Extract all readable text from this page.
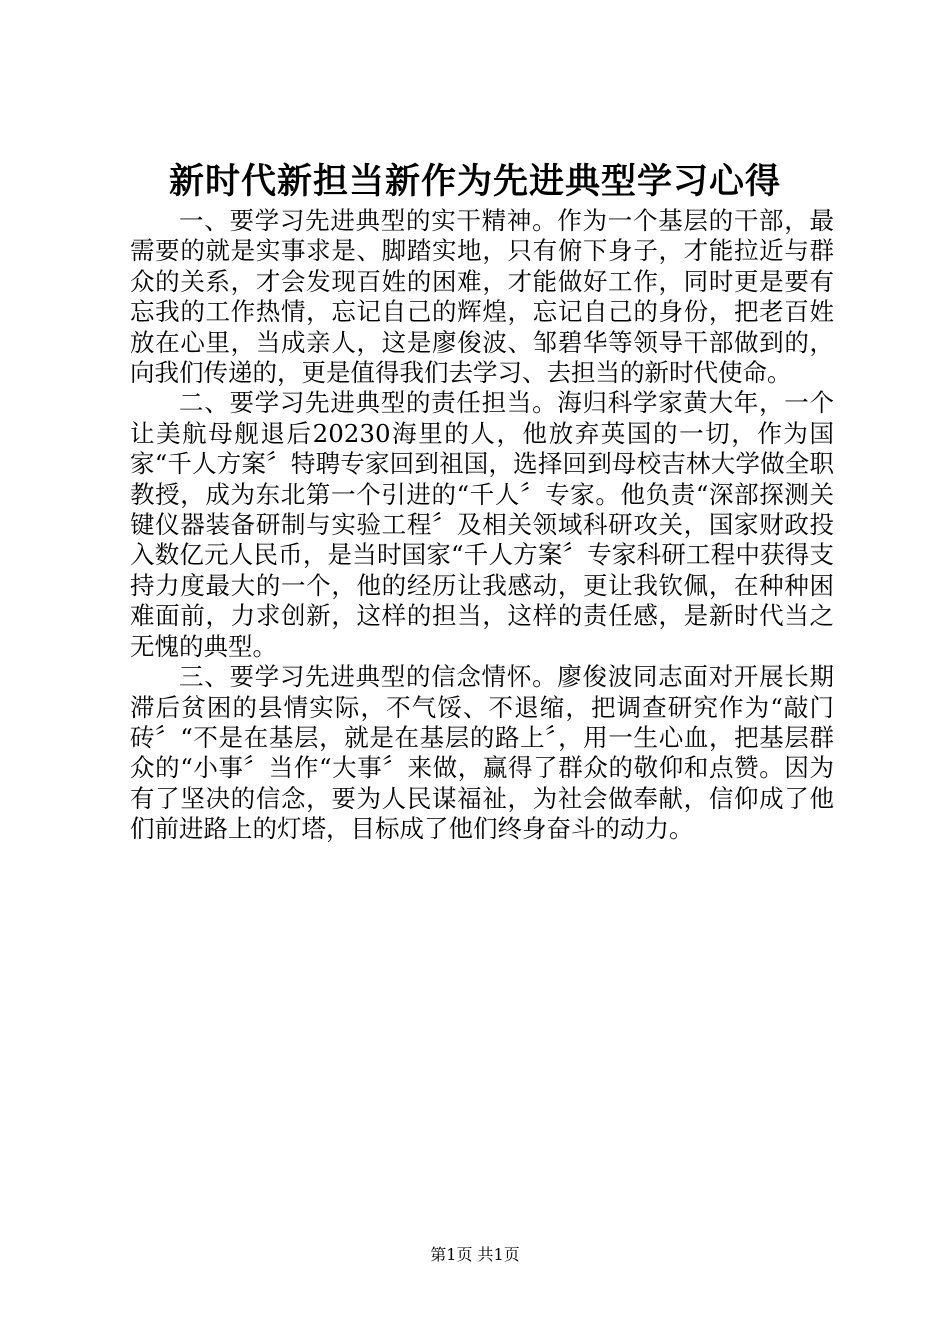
新时代新担当新作为先进典型学习心得

一、要学习先进典型的实干精神。作为一个基层的干部，最需要的就是实事求是、脚踏实地，只有俯下身子，才能拉近与群众的关系，才会发现百姓的困难，才能做好工作，同时更是要有忘我的工作热情，忘记自己的辉煌，忘记自己的身份，把老百姓放在心里，当成亲人，这是廖俊波、邹碧华等领导干部做到的，向我们传递的，更是值得我们去学习、去担当的新时代使命。

二、要学习先进典型的责任担当。海归科学家黄大年，一个让美航母舰退后20230海里的人，他放弃英国的一切，作为国家“千人方案〞特聘专家回到祖国，选择回到母校吉林大学做全职教授，成为东北第一个引进的“千人〞专家。他负责“深部探测关键仪器装备研制与实验工程〞及相关领域科研攻关，国家财政投入数亿元人民币，是当时国家“千人方案〞专家科研工程中获得支持力度最大的一个，他的经历让我感动，更让我钦佩，在种种困难面前，力求创新，这样的担当，这样的责任感，是新时代当之无愧的典型。

三、要学习先进典型的信念情怀。廖俊波同志面对开展长期滞后贫困的县情实际，不气馁、不退缩，把调查研究作为“敲门砖〞“不是在基层，就是在基层的路上〞，用一生心血，把基层群众的“小事〞当作“大事〞来做，赢得了群众的敬仰和点赞。因为有了坚决的信念，要为人民谋福祉，为社会做奉献，信仰成了他们前进路上的灯塔，目标成了他们终身奋斗的动力。

第1页 共1页
